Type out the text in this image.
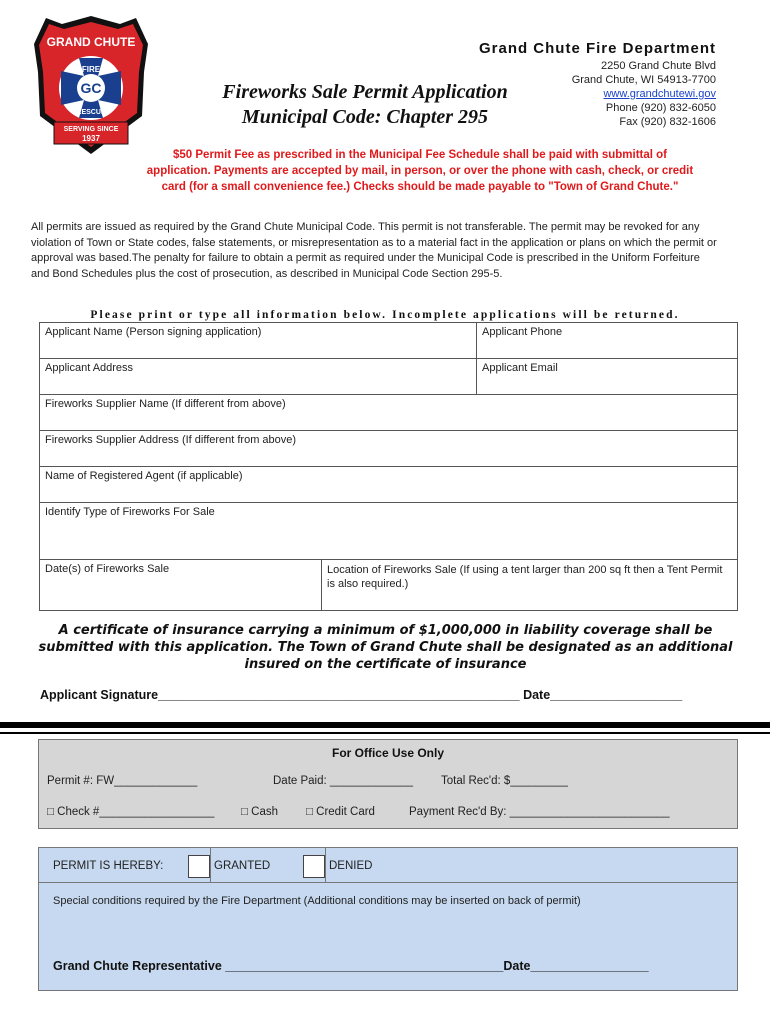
GRAND CHUTE
FIRE
GC
RESCUE
SERVING SINCE
1937
Fireworks Sale Permit Application
Municipal Code: Chapter 295
Grand Chute Fire Department
2250 Grand Chute Blvd
Grand Chute, WI 54913-7700
www.grandchutewi.gov
Phone (920) 832-6050
Fax (920) 832-1606
$50 Permit Fee as prescribed in the Municipal Fee Schedule shall be paid with submittal of application. Payments are accepted by mail, in person, or over the phone with cash, check, or credit card (for a small convenience fee.) Checks should be made payable to "Town of Grand Chute."
All permits are issued as required by the Grand Chute Municipal Code. This permit is not transferable. The permit may be revoked for any violation of Town or State codes, false statements, or misrepresentation as to a material fact in the application or plans on which the permit or approval was based.The penalty for failure to obtain a permit as required under the Municipal Code is prescribed in the Uniform Forfeiture and Bond Schedules plus the cost of prosecution, as described in Municipal Code Section 295-5.
Please print or type all information below. Incomplete applications will be returned.
Applicant Name (Person signing application)	Applicant Phone
Applicant Address	Applicant Email
Fireworks Supplier Name (If different from above)	
Fireworks Supplier Address (If different from above)	
Name of Registered Agent (if applicable)	
Identify Type of Fireworks For Sale	

Date(s) of Fireworks Sale Location of Fireworks Sale (If using a tent larger than 200 sq ft then a Tent Permit is also required.)	
A certificate of insurance carrying a minimum of $1,000,000 in liability coverage shall be submitted with this application. The Town of Grand Chute shall be designated as an additional insured on the certificate of insurance
Applicant Signature____________________________________________________ Date___________________
For Office Use Only
Permit #: FW_____________	Date Paid: _____________ Total Rec'd: $_________
□ Check #__________________ □ Cash □ Credit Card	Payment Rec'd By: _________________________
PERMIT IS HEREBY:	GRANTED	DENIED
Special conditions required by the Fire Department (Additional conditions may be inserted on back of permit)
Grand Chute Representative ________________________________________Date_________________
